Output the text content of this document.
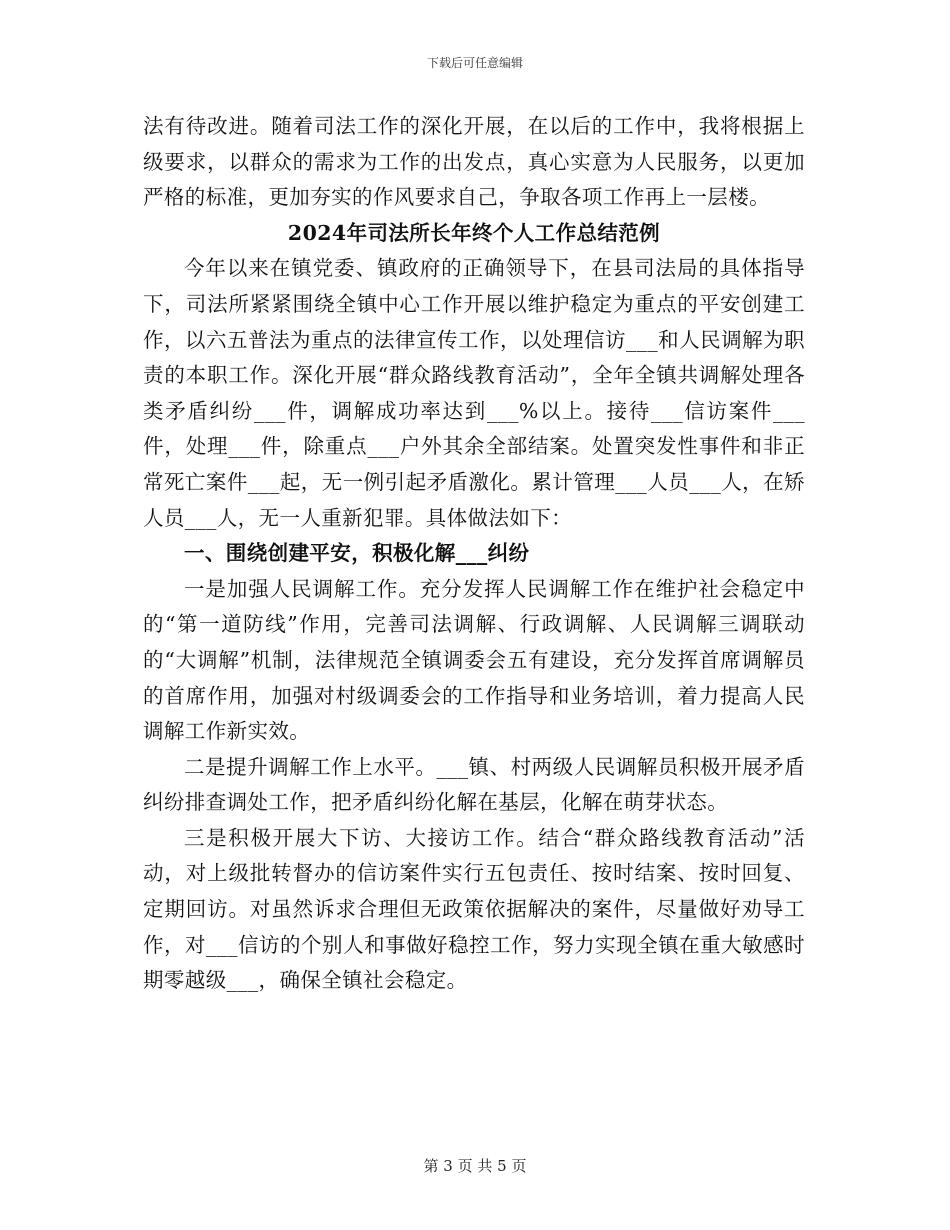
下载后可任意编辑

法有待改进。随着司法工作的深化开展，在以后的工作中，我将根据上级要求，以群众的需求为工作的出发点，真心实意为人民服务，以更加严格的标准，更加夯实的作风要求自己，争取各项工作再上一层楼。

2024年司法所长年终个人工作总结范例

今年以来在镇党委、镇政府的正确领导下，在县司法局的具体指导下，司法所紧紧围绕全镇中心工作开展以维护稳定为重点的平安创建工作，以六五普法为重点的法律宣传工作，以处理信访___和人民调解为职责的本职工作。深化开展“群众路线教育活动”，全年全镇共调解处理各类矛盾纠纷___件，调解成功率达到___%以上。接待___信访案件___件，处理___件，除重点___户外其余全部结案。处置突发性事件和非正常死亡案件___起，无一例引起矛盾激化。累计管理___人员___人，在矫人员___人，无一人重新犯罪。具体做法如下：

一、围绕创建平安，积极化解___纠纷

一是加强人民调解工作。充分发挥人民调解工作在维护社会稳定中的“第一道防线”作用，完善司法调解、行政调解、人民调解三调联动的“大调解”机制，法律规范全镇调委会五有建设，充分发挥首席调解员的首席作用，加强对村级调委会的工作指导和业务培训，着力提高人民调解工作新实效。

二是提升调解工作上水平。___镇、村两级人民调解员积极开展矛盾纠纷排查调处工作，把矛盾纠纷化解在基层，化解在萌芽状态。

三是积极开展大下访、大接访工作。结合“群众路线教育活动”活动，对上级批转督办的信访案件实行五包责任、按时结案、按时回复、定期回访。对虽然诉求合理但无政策依据解决的案件，尽量做好劝导工作，对___信访的个别人和事做好稳控工作，努力实现全镇在重大敏感时期零越级___，确保全镇社会稳定。

第 3 页 共 5 页
